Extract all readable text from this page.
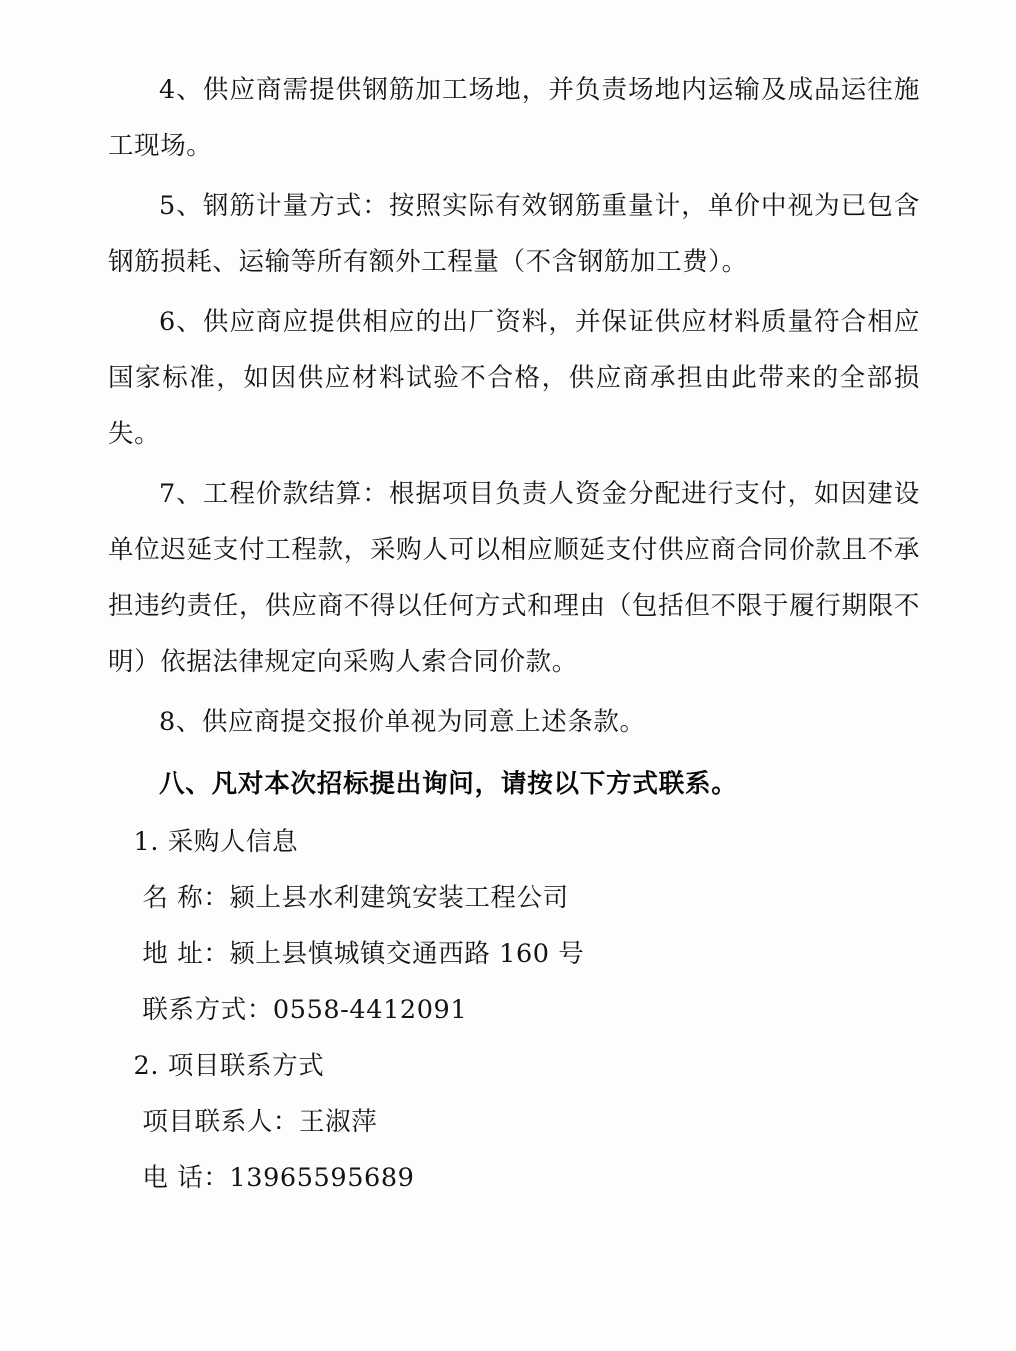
4、供应商需提供钢筋加工场地，并负责场地内运输及成品运往施工现场。

5、钢筋计量方式：按照实际有效钢筋重量计，单价中视为已包含钢筋损耗、运输等所有额外工程量（不含钢筋加工费）。

6、供应商应提供相应的出厂资料，并保证供应材料质量符合相应国家标准，如因供应材料试验不合格，供应商承担由此带来的全部损失。

7、工程价款结算：根据项目负责人资金分配进行支付，如因建设单位迟延支付工程款，采购人可以相应顺延支付供应商合同价款且不承担违约责任，供应商不得以任何方式和理由（包括但不限于履行期限不明）依据法律规定向采购人索合同价款。

8、供应商提交报价单视为同意上述条款。

八、凡对本次招标提出询问，请按以下方式联系。

1. 采购人信息

名 称：颍上县水利建筑安装工程公司

地 址：颍上县慎城镇交通西路 160 号

联系方式：0558-4412091

2. 项目联系方式

项目联系人：王淑萍

电 话：13965595689
